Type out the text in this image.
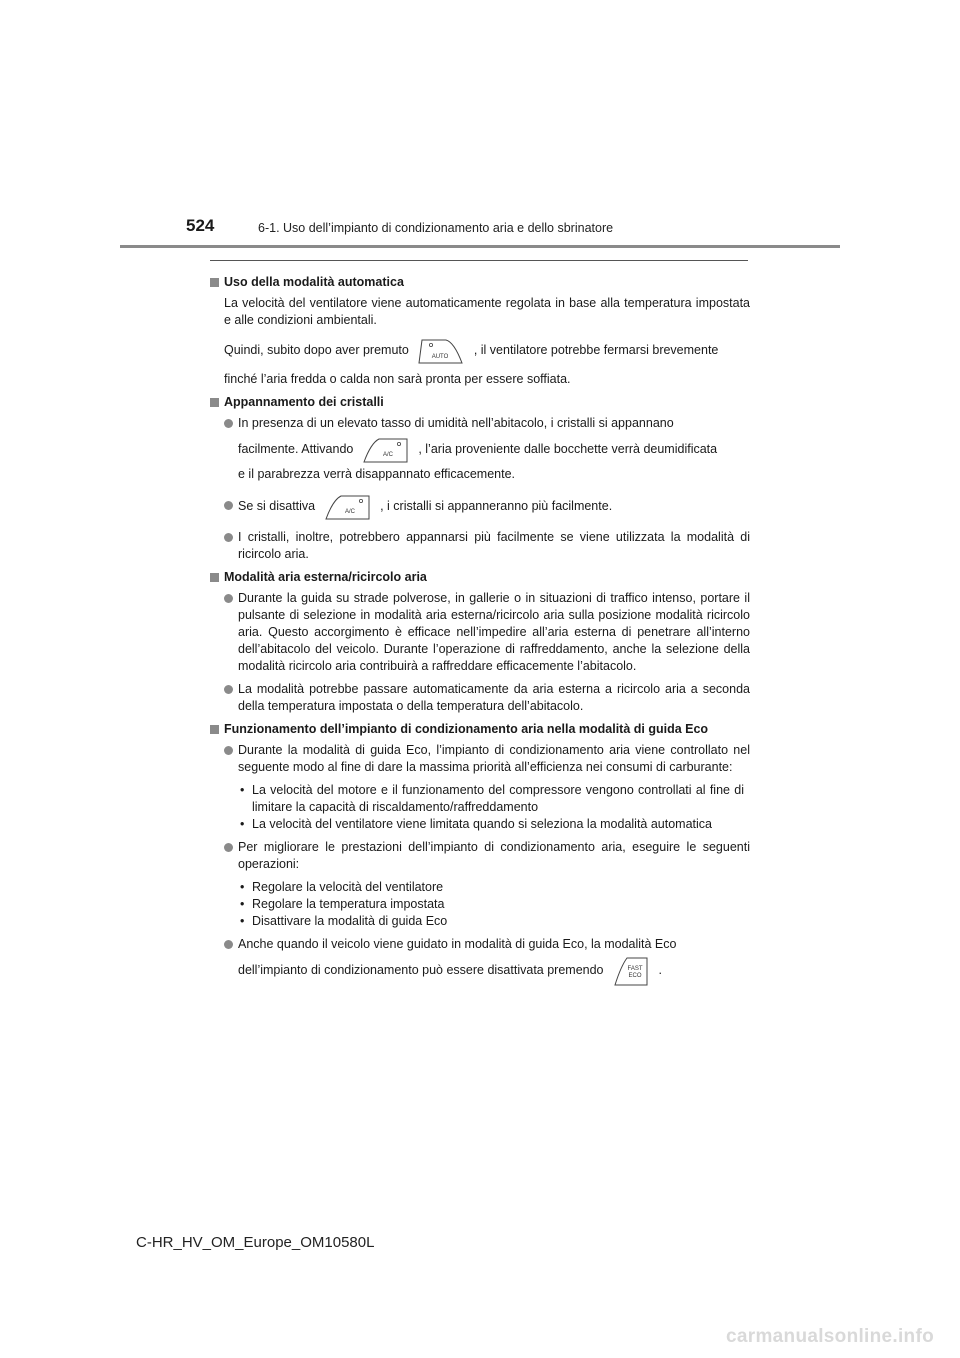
524	6-1. Uso dell’impianto di condizionamento aria e dello sbrinatore
Uso della modalità automatica
La velocità del ventilatore viene automaticamente regolata in base alla temperatura impostata e alle condizioni ambientali.
Quindi, subito dopo aver premuto	AUTO , il ventilatore potrebbe fermarsi brevemente
finché l’aria fredda o calda non sarà pronta per essere soffiata.
Appannamento dei cristalli
In presenza di un elevato tasso di umidità nell’abitacolo, i cristalli si appannano
facilmente. Attivando	A/C , l’aria proveniente dalle bocchette verrà deumidificata
e il parabrezza verrà disappannato efficacemente.
Se si disattiva	A/C , i cristalli si appanneranno più facilmente.
I cristalli, inoltre, potrebbero appannarsi più facilmente se viene utilizzata la modalità di ricircolo aria.
Modalità aria esterna/ricircolo aria
Durante la guida su strade polverose, in gallerie o in situazioni di traffico intenso, portare il pulsante di selezione in modalità aria esterna/ricircolo aria sulla posizione modalità ricircolo aria. Questo accorgimento è efficace nell’impedire all’aria esterna di penetrare all’interno dell’abitacolo del veicolo. Durante l’operazione di raffreddamento, anche la selezione della modalità ricircolo aria contribuirà a raffreddare efficacemente l’abitacolo.
La modalità potrebbe passare automaticamente da aria esterna a ricircolo aria a seconda della temperatura impostata o della temperatura dell’abitacolo.
Funzionamento dell’impianto di condizionamento aria nella modalità di guida Eco
Durante la modalità di guida Eco, l’impianto di condizionamento aria viene controllato nel seguente modo al fine di dare la massima priorità all’efficienza nei consumi di carburante:
• La velocità del motore e il funzionamento del compressore vengono controllati al fine di limitare la capacità di riscaldamento/raffreddamento
• La velocità del ventilatore viene limitata quando si seleziona la modalità automatica
Per migliorare le prestazioni dell’impianto di condizionamento aria, eseguire le seguenti operazioni:
• Regolare la velocità del ventilatore
• Regolare la temperatura impostata
• Disattivare la modalità di guida Eco
Anche quando il veicolo viene guidato in modalità di guida Eco, la modalità Eco
dell’impianto di condizionamento può essere disattivata premendo	FAST
ECO .
C-HR_HV_OM_Europe_OM10580L
carmanualsonline.info
